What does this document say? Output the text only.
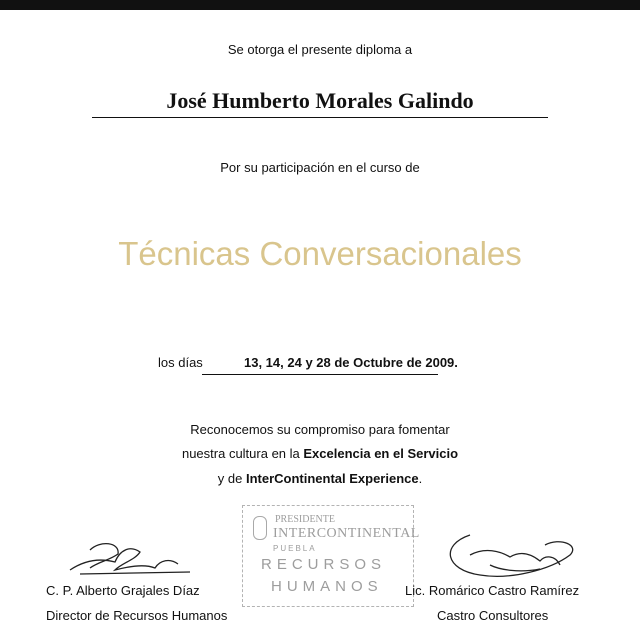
Se otorga el presente diploma a
José Humberto Morales Galindo
Por su participación en el curso de
Técnicas Conversacionales
los días	13, 14, 24 y 28 de Octubre de 2009.
Reconocemos su compromiso para fomentar
nuestra cultura en la Excelencia en el Servicio
y de InterContinental Experience.
PRESIDENTE
INTERCONTINENTAL
PUEBLA
RECURSOS
HUMANOS
C. P. Alberto Grajales Díaz
Director de Recursos Humanos
Lic. Romárico Castro Ramírez
Castro Consultores
